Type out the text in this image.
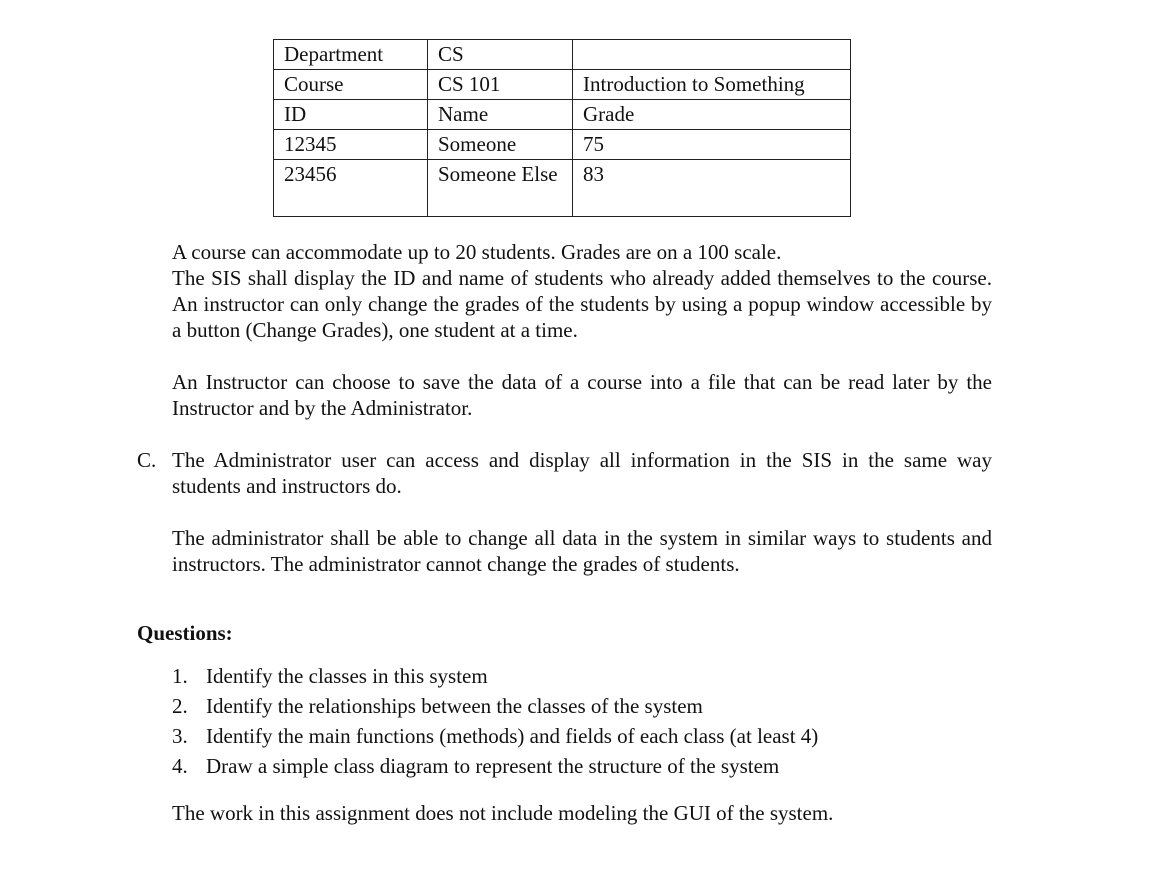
Department	CS	
Course	CS 101	Introduction to Something
ID	Name	Grade
12345	Someone	75
23456	Someone Else	83

A course can accommodate up to 20 students. Grades are on a 100 scale.
The SIS shall display the ID and name of students who already added themselves to the course. An instructor can only change the grades of the students by using a popup window accessible by a button (Change Grades), one student at a time.

An Instructor can choose to save the data of a course into a file that can be read later by the Instructor and by the Administrator.

C. The Administrator user can access and display all information in the SIS in the same way students and instructors do.

The administrator shall be able to change all data in the system in similar ways to students and instructors. The administrator cannot change the grades of students.

Questions:
1. Identify the classes in this system
2. Identify the relationships between the classes of the system
3. Identify the main functions (methods) and fields of each class (at least 4)
4. Draw a simple class diagram to represent the structure of the system

The work in this assignment does not include modeling the GUI of the system.
